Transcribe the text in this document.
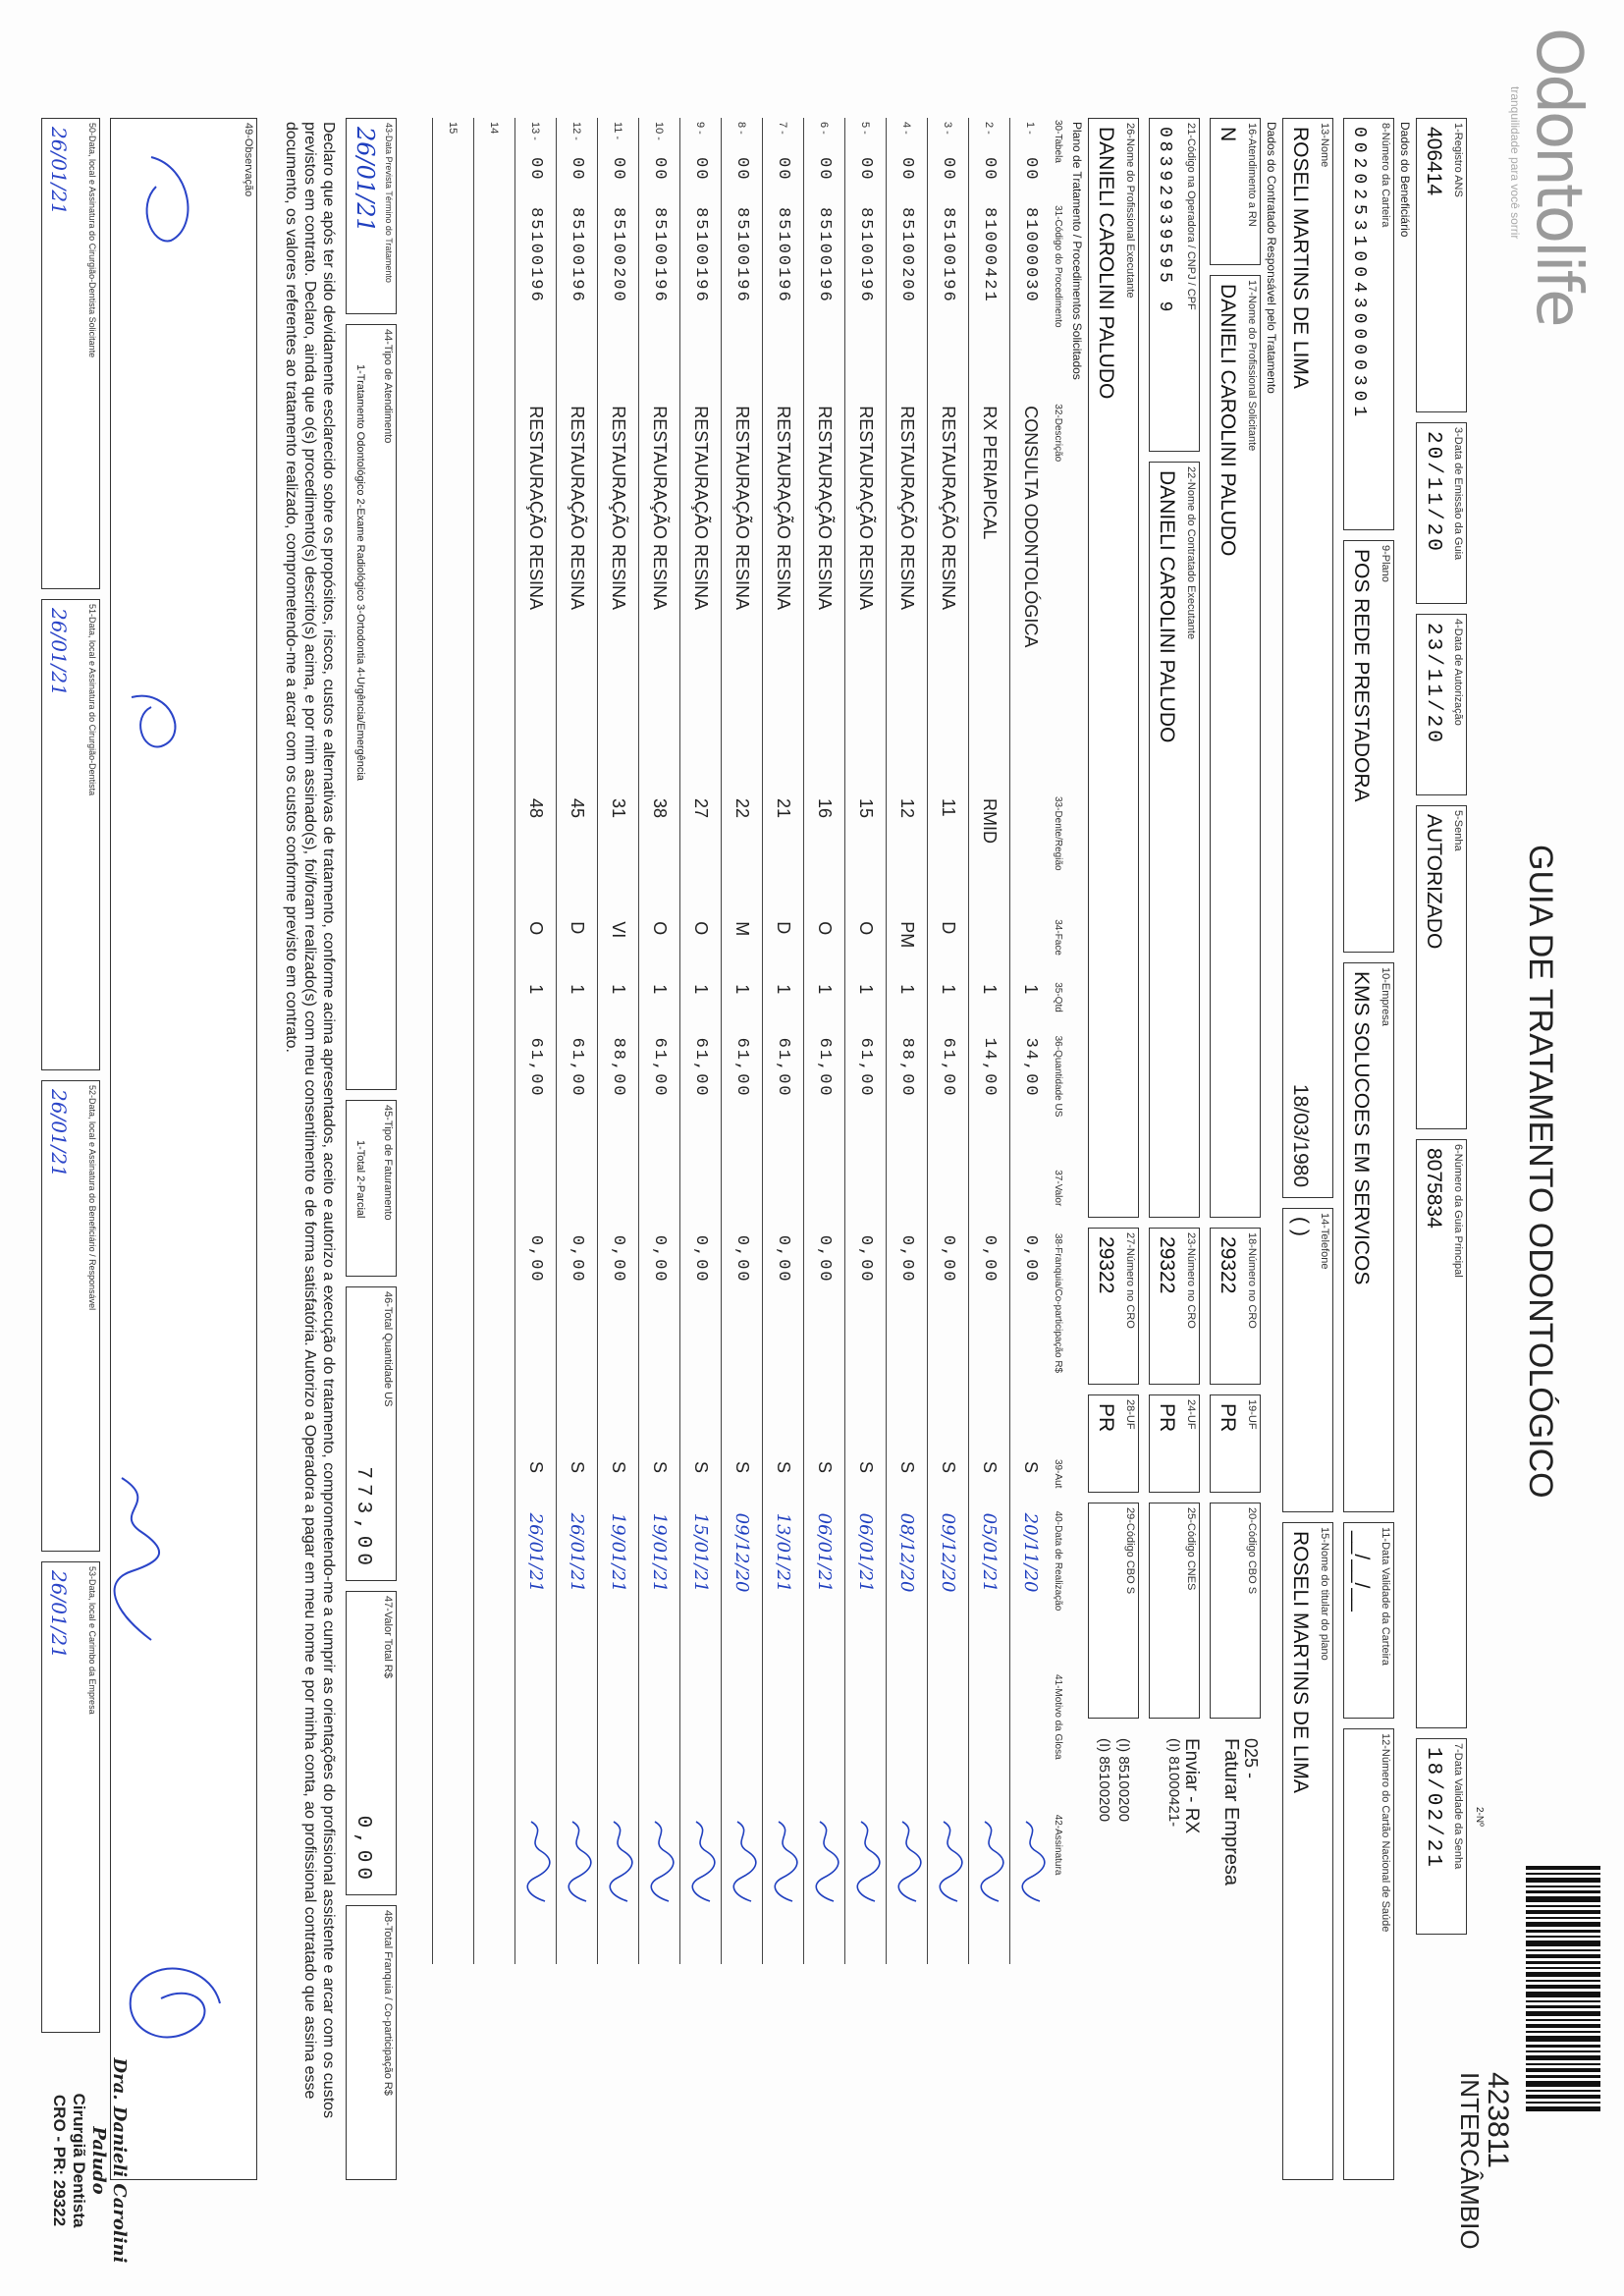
Odontolife
tranquilidade para você sorrir
GUIA DE TRATAMENTO ODONTOLÓGICO
2-Nº
423811
INTERCÂMBIO
1-Registro ANS
406414
3-Data de Emissão da Guia
20/11/20
4-Data de Autorização
23/11/20
5-Senha
AUTORIZADO
6-Número da Guia Principal
8075834
7-Data Validade da Senha
18/02/21
Dados do Beneficiário
8-Número da Carteira
0020253100430000301
9-Plano
POS REDE PRESTADORA
10-Empresa
KMS SOLUCOES EM SERVICOS
11-Data Validade da Carteira
__/__/__
12-Número do Cartão Nacional de Saúde
13-Nome
ROSELI MARTINS DE LIMA
18/03/1980
14-Telefone
( )
15-Nome do titular do plano
ROSELI MARTINS DE LIMA
Dados do Contratado Responsável pelo Tratamento
16-Atendimento a RN
N
17-Nome do Profissional Solicitante
DANIELI CAROLINI PALUDO
18-Número no CRO
29322
19-UF
PR
20-Código CBO S
025 -
Faturar Empresa
21-Código na Operadora / CNPJ / CPF
08392939595 9
22-Nome do Contratado Executante
DANIELI CAROLINI PALUDO
23-Número no CRO
29322
24-UF
PR
25-Código CNES
Enviar - RX
(I) 81000421-
26-Nome do Profissional Executante
DANIELI CAROLINI PALUDO
27-Número no CRO
29322
28-UF
PR
29-Código CBO S
(I) 85100200
(I) 85100200
Plano de Tratamento / Procedimentos Solicitados
30-Tabela		31-Código do Procedimento	32-Descrição	33-Dente/Região	34-Face	35-Qtd	36-Quantidade US	37-Valor	38-Franquia/Co-participação R$	39-Aut	40-Data de Realização	41-Motivo da Glosa	42-Assinatura
1 -	00	81000030	CONSULTA ODONTOLÓGICA			1	34,00		0,00	S	20/11/20		
2 -	00	81000421	RX PERIAPICAL	RMID		1	14,00		0,00	S	05/01/21		
3 -	00	85100196	RESTAURAÇÃO RESINA	11	D	1	61,00		0,00	S	09/12/20		
4 -	00	85100200	RESTAURAÇÃO RESINA	12	PM	1	88,00		0,00	S	08/12/20		
5 -	00	85100196	RESTAURAÇÃO RESINA	15	O	1	61,00		0,00	S	06/01/21		
6 -	00	85100196	RESTAURAÇÃO RESINA	16	O	1	61,00		0,00	S	06/01/21		
7 -	00	85100196	RESTAURAÇÃO RESINA	21	D	1	61,00		0,00	S	13/01/21		
8 -	00	85100196	RESTAURAÇÃO RESINA	22	M	1	61,00		0,00	S	09/12/20		
9 -	00	85100196	RESTAURAÇÃO RESINA	27	O	1	61,00		0,00	S	15/01/21		
10 -	00	85100196	RESTAURAÇÃO RESINA	38	O	1	61,00		0,00	S	19/01/21		
11 -	00	85100200	RESTAURAÇÃO RESINA	31	VI	1	88,00		0,00	S	19/01/21		
12 -	00	85100196	RESTAURAÇÃO RESINA	45	D	1	61,00		0,00	S	26/01/21		
13 -	00	85100196	RESTAURAÇÃO RESINA	48	O	1	61,00		0,00	S	26/01/21		
14													
15													
43-Data Prevista Término do Tratamento
26/01/21
44-Tipo de Atendimento
1-Tratamento Odontológico 2-Exame Radiológico 3-Ortodontia 4-Urgência/Emergência
45-Tipo de Faturamento
1-Total 2-Parcial
46-Total Quantidade US
773,00
47-Valor Total R$
0,00
48-Total Franquia / Co-participação R$
Declaro que após ter sido devidamente esclarecido sobre os propósitos, riscos, custos e alternativas de tratamento, conforme acima apresentados, aceito e autorizo a execução do tratamento, comprometendo-me a cumprir as orientações do profissional assistente e arcar com os custos previstos em contrato. Declaro, ainda que o(s) procedimento(s) descrito(s) acima, e por mim assinado(s), foi/foram realizado(s) com meu consentimento e de forma satisfatória. Autorizo a Operadora a pagar em meu nome e por minha conta, ao profissional contratado que assina esse documento, os valores referentes ao tratamento realizado, comprometendo-me a arcar com os custos conforme previsto em contrato.
49-Observação
50-Data, local e Assinatura do Cirurgião-Dentista Solicitante
26/01/21
51-Data, local e Assinatura do Cirurgião-Dentista
26/01/21
52-Data, local e Assinatura do Beneficiário / Responsável
26/01/21
53-Data, local e Carimbo da Empresa
26/01/21
Dra. Danieli Carolini Paludo
Cirurgiã Dentista
CRO - PR: 29322
